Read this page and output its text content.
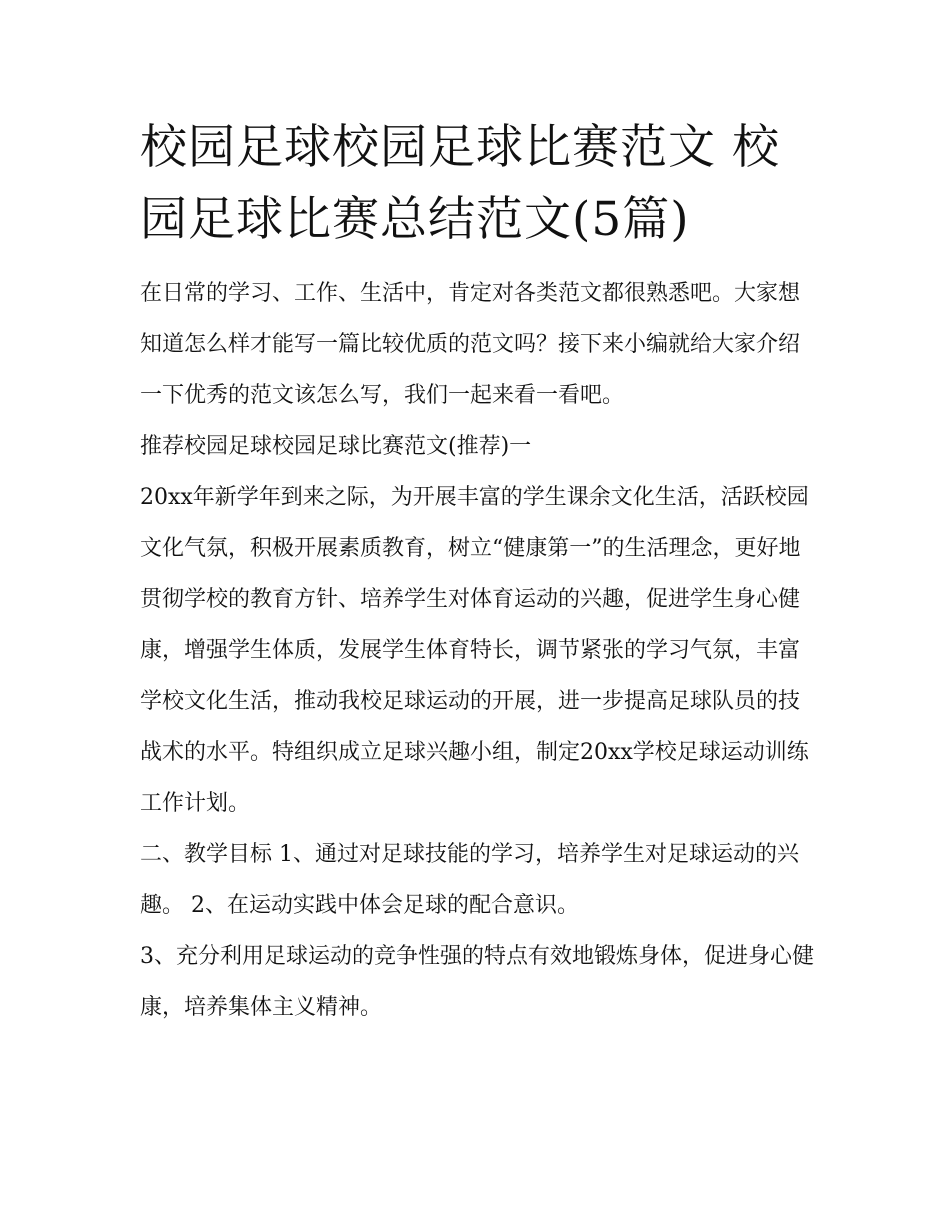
校园足球校园足球比赛范文 校园足球比赛总结范文(5篇)

在日常的学习、工作、生活中，肯定对各类范文都很熟悉吧。大家想知道怎么样才能写一篇比较优质的范文吗？接下来小编就给大家介绍一下优秀的范文该怎么写，我们一起来看一看吧。

推荐校园足球校园足球比赛范文(推荐)一

20xx年新学年到来之际，为开展丰富的学生课余文化生活，活跃校园文化气氛，积极开展素质教育，树立“健康第一”的生活理念，更好地贯彻学校的教育方针、培养学生对体育运动的兴趣，促进学生身心健康，增强学生体质，发展学生体育特长，调节紧张的学习气氛，丰富学校文化生活，推动我校足球运动的开展，进一步提高足球队员的技战术的水平。特组织成立足球兴趣小组，制定20xx学校足球运动训练工作计划。

二、教学目标 1、通过对足球技能的学习，培养学生对足球运动的兴趣。 2、在运动实践中体会足球的配合意识。

3、充分利用足球运动的竞争性强的特点有效地锻炼身体，促进身心健康，培养集体主义精神。
